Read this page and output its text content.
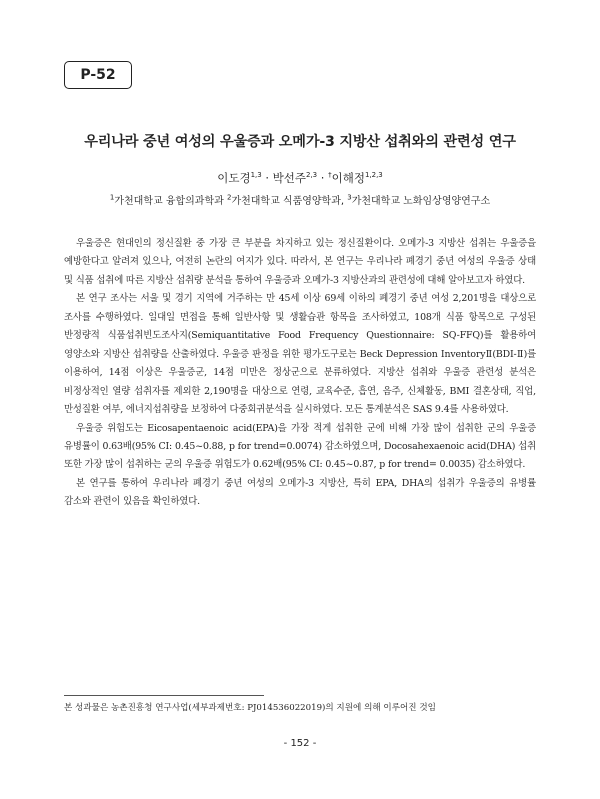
P-52
우리나라 중년 여성의 우울증과 오메가-3 지방산 섭취와의 관련성 연구
이도경$^{1,3}$ · 박선주$^{2,3}$ · †이해정$^{1,2,3}$
$^1$가천대학교 융합의과학과 $^2$가천대학교 식품영양학과, $^3$가천대학교 노화임상영양연구소

우울증은 현대인의 정신질환 중 가장 큰 부분을 차지하고 있는 정신질환이다. 오메가-3 지방산 섭취는 우울증을 예방한다고 알려져 있으나, 여전히 논란의 여지가 있다. 따라서, 본 연구는 우리나라 폐경기 중년 여성의 우울증 상태 및 식품 섭취에 따른 지방산 섭취량 분석을 통하여 우울증과 오메가-3 지방산과의 관련성에 대해 알아보고자 하였다.

본 연구 조사는 서울 및 경기 지역에 거주하는 만 45세 이상 69세 이하의 폐경기 중년 여성 2,201명을 대상으로 조사를 수행하였다. 일대일 면접을 통해 일반사항 및 생활습관 항목을 조사하였고, 108개 식품 항목으로 구성된 반정량적 식품섭취빈도조사지(Semiquantitative Food Frequency Questionnaire: SQ-FFQ)를 활용하여 영양소와 지방산 섭취량을 산출하였다. 우울증 판정을 위한 평가도구로는 Beck Depression InventoryⅡ(BDI-Ⅱ)를 이용하여, 14점 이상은 우울증군, 14점 미만은 정상군으로 분류하였다. 지방산 섭취와 우울증 관련성 분석은 비정상적인 열량 섭취자를 제외한 2,190명을 대상으로 연령, 교육수준, 흡연, 음주, 신체활동, BMI 결혼상태, 직업, 만성질환 여부, 에너지섭취량을 보정하여 다중회귀분석을 실시하였다. 모든 통계분석은 SAS 9.4를 사용하였다.

우울증 위험도는 Eicosapentaenoic acid(EPA)을 가장 적게 섭취한 군에 비해 가장 많이 섭취한 군의 우울증 유병률이 0.63배(95% CI: 0.45~0.88, p for trend=0.0074) 감소하였으며, Docosahexaenoic acid(DHA) 섭취 또한 가장 많이 섭취하는 군의 우울증 위험도가 0.62배(95% CI: 0.45~0.87, p for trend= 0.0035) 감소하였다.

본 연구를 통하여 우리나라 폐경기 중년 여성의 오메가-3 지방산, 특히 EPA, DHA의 섭취가 우울증의 유병률 감소와 관련이 있음을 확인하였다.

본 성과물은 농촌진흥청 연구사업(세부과제번호: PJ014536022019)의 지원에 의해 이루어진 것임
- 152 -
